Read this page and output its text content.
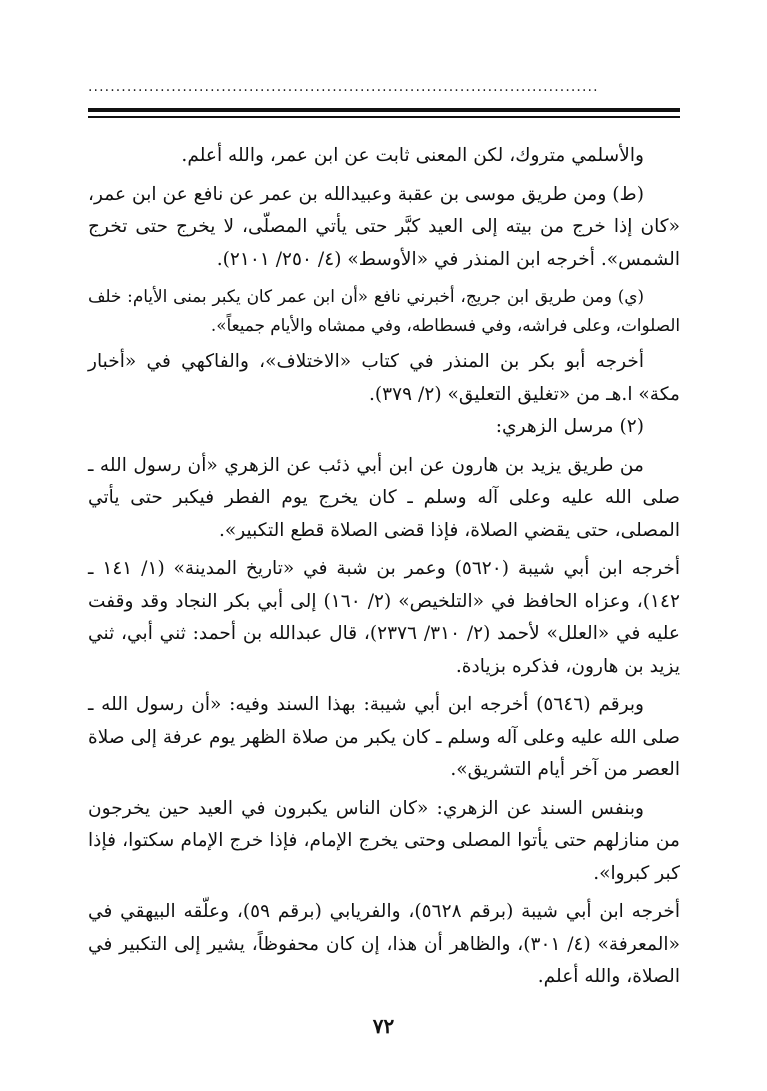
............................................................................................

والأسلمي متروك، لكن المعنى ثابت عن ابن عمر، والله أعلم.

(ط) ومن طريق موسى بن عقبة وعبيدالله بن عمر عن نافع عن ابن عمر، «كان إذا خرج من بيته إلى العيد كبَّر حتى يأتي المصلّى، لا يخرج حتى تخرج الشمس». أخرجه ابن المنذر في «الأوسط» (٤/ ٢٥٠/ ٢١٠١).

(ي) ومن طريق ابن جريج، أخبرني نافع «أن ابن عمر كان يكبر بمنى الأيام: خلف الصلوات، وعلى فراشه، وفي فسطاطه، وفي ممشاه والأيام جميعاً».

أخرجه أبو بكر بن المنذر في كتاب «الاختلاف»، والفاكهي في «أخبار مكة» ا.هـ من «تغليق التعليق» (٢/ ٣٧٩).

(٢) مرسل الزهري:

من طريق يزيد بن هارون عن ابن أبي ذئب عن الزهري «أن رسول الله ـ صلى الله عليه وعلى آله وسلم ـ كان يخرج يوم الفطر فيكبر حتى يأتي المصلى، حتى يقضي الصلاة، فإذا قضى الصلاة قطع التكبير».

أخرجه ابن أبي شيبة (٥٦٢٠) وعمر بن شبة في «تاريخ المدينة» (١/ ١٤١ ـ ١٤٢)، وعزاه الحافظ في «التلخيص» (٢/ ١٦٠) إلى أبي بكر النجاد وقد وقفت عليه في «العلل» لأحمد (٢/ ٣١٠/ ٢٣٧٦)، قال عبدالله بن أحمد: ثني أبي، ثني يزيد بن هارون، فذكره بزيادة.

وبرقم (٥٦٤٦) أخرجه ابن أبي شيبة: بهذا السند وفيه: «أن رسول الله ـ صلى الله عليه وعلى آله وسلم ـ كان يكبر من صلاة الظهر يوم عرفة إلى صلاة العصر من آخر أيام التشريق».

وبنفس السند عن الزهري: «كان الناس يكبرون في العيد حين يخرجون من منازلهم حتى يأتوا المصلى وحتى يخرج الإمام، فإذا خرج الإمام سكتوا، فإذا كبر كبروا».

أخرجه ابن أبي شيبة (برقم ٥٦٢٨)، والفريابي (برقم ٥٩)، وعلّقه البيهقي في «المعرفة» (٤/ ٣٠١)، والظاهر أن هذا، إن كان محفوظاً، يشير إلى التكبير في الصلاة، والله أعلم.

٧٢
